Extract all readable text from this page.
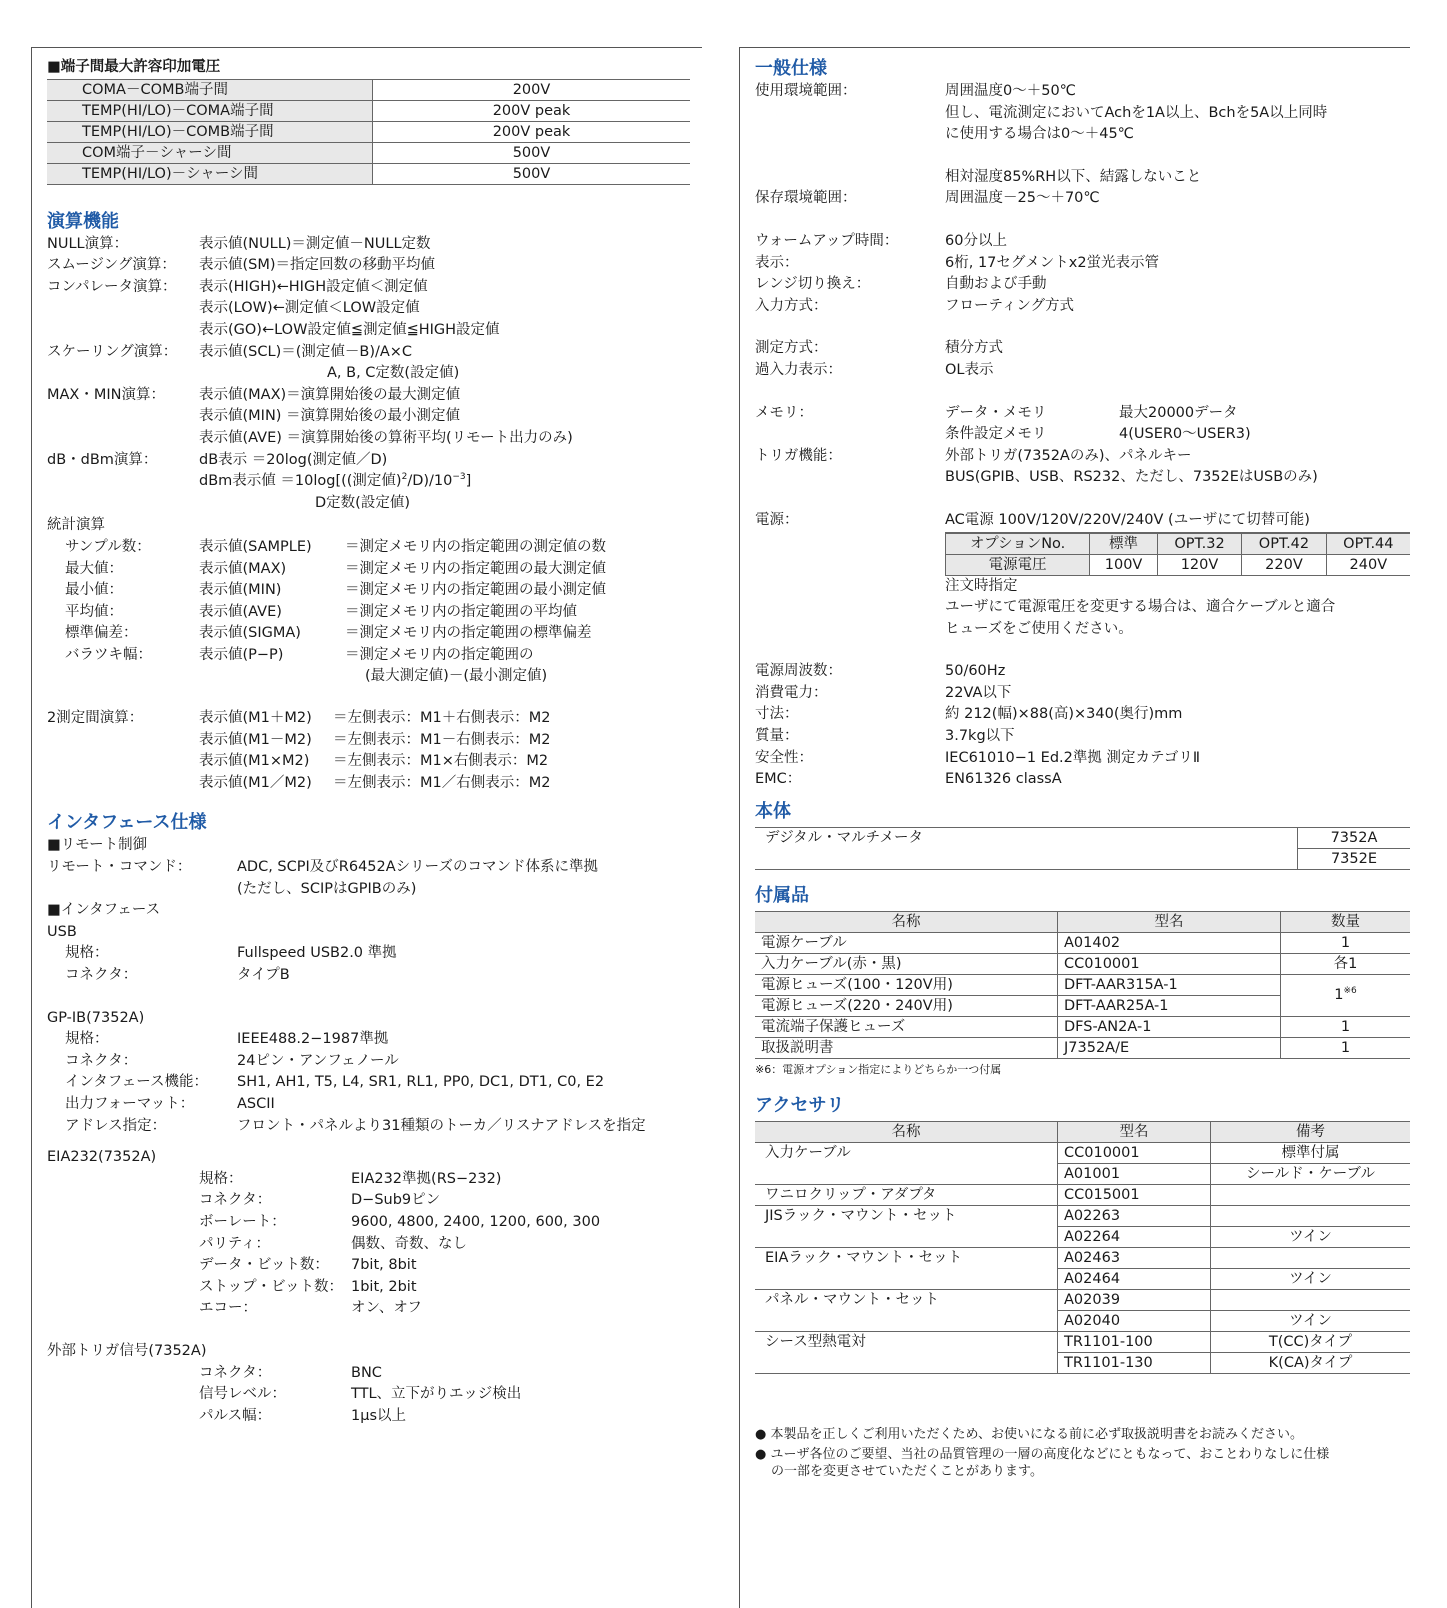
■端子間最大許容印加電圧
COMA－COMB端子間	200V
TEMP(HI/LO)－COMA端子間	200V peak
TEMP(HI/LO)－COMB端子間	200V peak
COM端子－シャーシ間	500V
TEMP(HI/LO)－シャーシ間	500V
演算機能
NULL演算：	表示値(NULL)＝測定値－NULL定数
スムージング演算：	表示値(SM)＝指定回数の移動平均値
コンパレータ演算：	表示(HIGH)←HIGH設定値＜測定値
表示(LOW)←測定値＜LOW設定値
表示(GO)←LOW設定値≦測定値≦HIGH設定値
スケーリング演算：	表示値(SCL)＝(測定値－B)/A×C
A, B, C定数(設定値)
MAX・MIN演算：	表示値(MAX)＝演算開始後の最大測定値
表示値(MIN) ＝演算開始後の最小測定値
表示値(AVE) ＝演算開始後の算術平均(リモート出力のみ)
dB・dBm演算：	dB表示 ＝20log(測定値／D)
dBm表示値 ＝10log[((測定値)$^2/D)/10^{-3}$]
D定数(設定値)
統計演算
サンプル数：	表示値(SAMPLE)	＝測定メモリ内の指定範囲の測定値の数
最大値：	表示値(MAX)	＝測定メモリ内の指定範囲の最大測定値
最小値：	表示値(MIN)	＝測定メモリ内の指定範囲の最小測定値
平均値：	表示値(AVE)	＝測定メモリ内の指定範囲の平均値
標準偏差：	表示値(SIGMA)	＝測定メモリ内の指定範囲の標準偏差
バラツキ幅：	表示値(P−P)	＝測定メモリ内の指定範囲の
(最大測定値)－(最小測定値)
2測定間演算：	表示値(M1＋M2)	＝左側表示：M1＋右側表示：M2
表示値(M1－M2)	＝左側表示：M1－右側表示：M2
表示値(M1×M2)	＝左側表示：M1×右側表示：M2
表示値(M1／M2)	＝左側表示：M1／右側表示：M2
インタフェース仕様
■リモート制御
リモート・コマンド：	ADC, SCPI及びR6452Aシリーズのコマンド体系に準拠
(ただし、SCIPはGPIBのみ)
■インタフェース
USB
規格：	Fullspeed USB2.0 準拠
コネクタ：	タイプB
GP-IB(7352A)
規格：	IEEE488.2−1987準拠
コネクタ：	24ピン・アンフェノール
インタフェース機能：	SH1, AH1, T5, L4, SR1, RL1, PP0, DC1, DT1, C0, E2
出力フォーマット：	ASCII
アドレス指定：	フロント・パネルより31種類のトーカ／リスナアドレスを指定
EIA232(7352A)
規格：	EIA232準拠(RS−232)
コネクタ：	D−Sub9ピン
ボーレート：	9600, 4800, 2400, 1200, 600, 300
パリティ：	偶数、奇数、なし
データ・ビット数：	7bit, 8bit
ストップ・ビット数： 1bit, 2bit
エコー：	オン、オフ
外部トリガ信号(7352A)
コネクタ：	BNC
信号レベル：	TTL、立下がりエッジ検出
パルス幅：	1μs以上
一般仕様
使用環境範囲：	周囲温度0～＋50℃
但し、電流測定においてAchを1A以上、Bchを5A以上同時
に使用する場合は0～＋45℃
相対湿度85%RH以下、結露しないこと
保存環境範囲：	周囲温度－25～＋70℃
ウォームアップ時間：	60分以上
表示：	6桁, 17セグメントx2蛍光表示管
レンジ切り換え：	自動および手動
入力方式：	フローティング方式
測定方式：	積分方式
過入力表示：	OL表示
メモリ：	データ・メモリ	最大20000データ
条件設定メモリ	4(USER0～USER3)
トリガ機能：	外部トリガ(7352Aのみ)、パネルキー
BUS(GPIB、USB、RS232、ただし、7352EはUSBのみ)
電源：	AC電源 100V/120V/220V/240V (ユーザにて切替可能)
オプションNo.	標準	OPT.32	OPT.42	OPT.44
電源電圧	100V	120V	220V	240V
注文時指定
ユーザにて電源電圧を変更する場合は、適合ケーブルと適合
ヒューズをご使用ください。
電源周波数：	50/60Hz
消費電力：	22VA以下
寸法：	約 212(幅)×88(高)×340(奥行)mm
質量：	3.7kg以下
安全性：	IEC61010−1 Ed.2準拠 測定カテゴリⅡ
EMC：	EN61326 classA
本体
デジタル・マルチメータ	7352A
7352E
付属品
名称	型名	数量
電源ケーブル	A01402	1
入力ケーブル(赤・黒)	CC010001	各1
電源ヒューズ(100・120V用)	DFT-AAR315A-1	1$^{※6}$
電源ヒューズ(220・240V用)	DFT-AAR25A-1	
電流端子保護ヒューズ	DFS-AN2A-1	1
取扱説明書	J7352A/E	1
※6：電源オプション指定によりどちらか一つ付属
アクセサリ
名称	型名	備考
入力ケーブル	CC010001	標準付属
	A01001	シールド・ケーブル
ワニロクリップ・アダプタ	CC015001	
JISラック・マウント・セット	A02263	
	A02264	ツイン
EIAラック・マウント・セット	A02463	
	A02464	ツイン
パネル・マウント・セット	A02039	
	A02040	ツイン
シース型熱電対	TR1101-100	T(CC)タイプ
	TR1101-130	K(CA)タイプ
● 本製品を正しくご利用いただくため、お使いになる前に必ず取扱説明書をお読みください。
● ユーザ各位のご要望、当社の品質管理の一層の高度化などにともなって、おことわりなしに仕様
の一部を変更させていただくことがあります。
